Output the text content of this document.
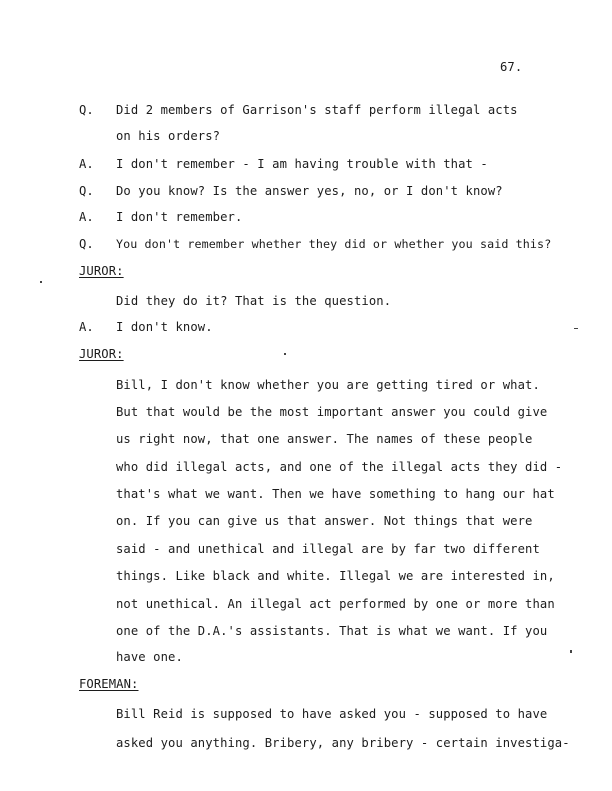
67.
Q. Did 2 members of Garrison's staff perform illegal acts
on his orders?
A. I don't remember - I am having trouble with that -
Q. Do you know? Is the answer yes, no, or I don't know?
A. I don't remember.
Q. You don't remember whether they did or whether you said this?
JUROR:
Did they do it? That is the question.
A. I don't know.
JUROR:
Bill, I don't know whether you are getting tired or what.
But that would be the most important answer you could give
us right now, that one answer. The names of these people
who did illegal acts, and one of the illegal acts they did -
that's what we want. Then we have something to hang our hat
on. If you can give us that answer. Not things that were
said - and unethical and illegal are by far two different
things. Like black and white. Illegal we are interested in,
not unethical. An illegal act performed by one or more than
one of the D.A.'s assistants. That is what we want. If you
have one.
FOREMAN:
Bill Reid is supposed to have asked you - supposed to have
asked you anything. Bribery, any bribery - certain investiga-
